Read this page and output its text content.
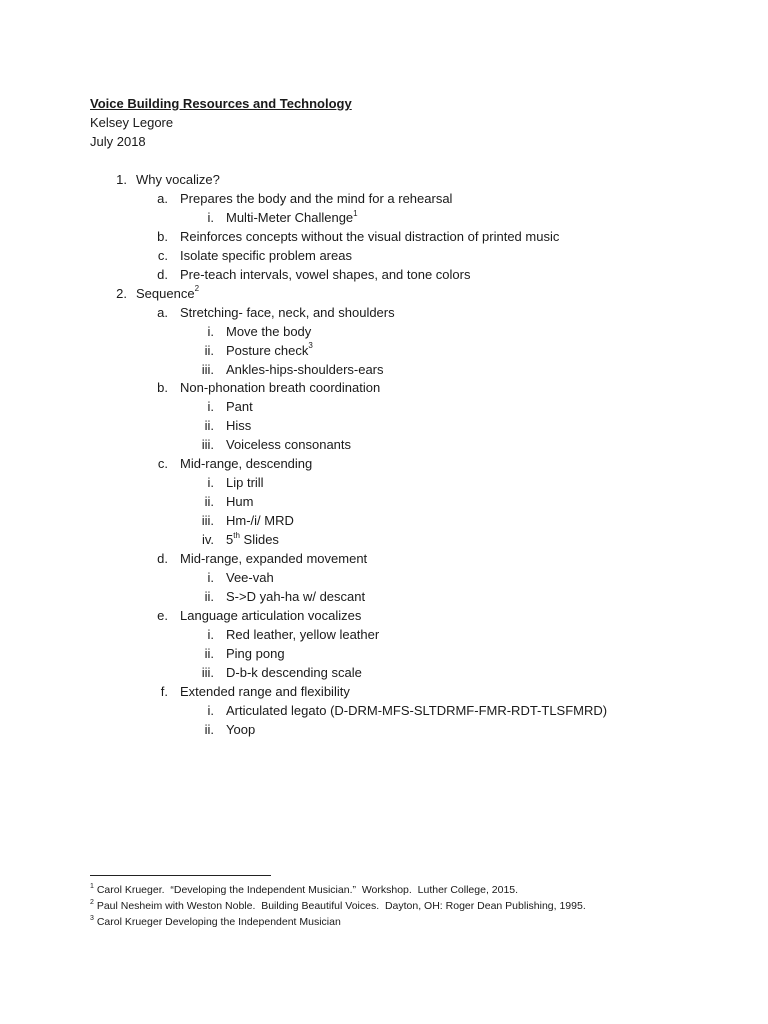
Voice Building Resources and Technology
Kelsey Legore
July 2018
1. Why vocalize?
a. Prepares the body and the mind for a rehearsal
i. Multi-Meter Challenge$^1$
b. Reinforces concepts without the visual distraction of printed music
c. Isolate specific problem areas
d. Pre-teach intervals, vowel shapes, and tone colors
2. Sequence$^2$
a. Stretching- face, neck, and shoulders
i. Move the body
ii. Posture check$^3$
iii. Ankles-hips-shoulders-ears
b. Non-phonation breath coordination
i. Pant
ii. Hiss
iii. Voiceless consonants
c. Mid-range, descending
i. Lip trill
ii. Hum
iii. Hm-/i/ MRD
iv. 5th Slides
d. Mid-range, expanded movement
i. Vee-vah
ii. S->D yah-ha w/ descant
e. Language articulation vocalizes
i. Red leather, yellow leather
ii. Ping pong
iii. D-b-k descending scale
f. Extended range and flexibility
i. Articulated legato (D-DRM-MFS-SLTDRMF-FMR-RDT-TLSFMRD)
ii. Yoop
$^1$ Carol Krueger.  “Developing the Independent Musician.”  Workshop.  Luther College, 2015.
$^2$ Paul Nesheim with Weston Noble.  Building Beautiful Voices.  Dayton, OH: Roger Dean Publishing, 1995.
$^3$ Carol Krueger Developing the Independent Musician
